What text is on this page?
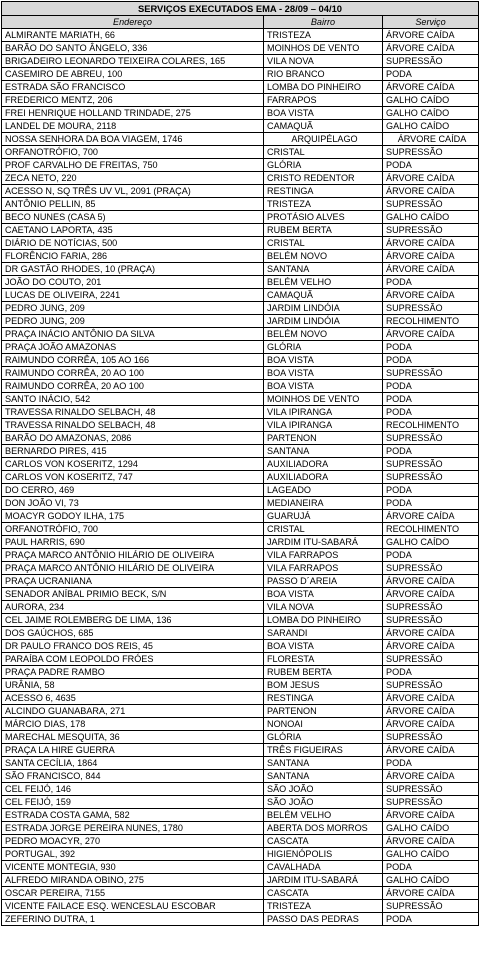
SERVIÇOS EXECUTADOS EMA - 28/09 – 04/10
Endereço	Bairro	Serviço
ALMIRANTE MARIATH, 66	TRISTEZA	ÁRVORE CAÍDA
BARÃO DO SANTO ÂNGELO, 336	MOINHOS DE VENTO	ÁRVORE CAÍDA
BRIGADEIRO LEONARDO TEIXEIRA COLARES, 165	VILA NOVA	SUPRESSÃO
CASEMIRO DE ABREU, 100	RIO BRANCO	PODA
ESTRADA SÃO FRANCISCO	LOMBA DO PINHEIRO	ÁRVORE CAÍDA
FREDERICO MENTZ, 206	FARRAPOS	GALHO CAÍDO
FREI HENRIQUE HOLLAND TRINDADE, 275	BOA VISTA	GALHO CAÍDO
LANDEL DE MOURA, 2118	CAMAQUÃ	GALHO CAÍDO
NOSSA SENHORA DA BOA VIAGEM, 1746	ARQUIPÉLAGO	ÁRVORE CAÍDA
ORFANOTRÓFIO, 700	CRISTAL	SUPRESSÃO
PROF CARVALHO DE FREITAS, 750	GLÓRIA	PODA
ZECA NETO, 220	CRISTO REDENTOR	ÁRVORE CAÍDA
ACESSO N, SQ TRÊS UV VL, 2091 (PRAÇA)	RESTINGA	ÁRVORE CAÍDA
ANTÔNIO PELLIN, 85	TRISTEZA	SUPRESSÃO
BECO NUNES (CASA 5)	PROTÁSIO ALVES	GALHO CAÍDO
CAETANO LAPORTA, 435	RUBEM BERTA	SUPRESSÃO
DIÁRIO DE NOTÍCIAS, 500	CRISTAL	ÁRVORE CAÍDA
FLORÊNCIO FARIA, 286	BELÉM NOVO	ÁRVORE CAÍDA
DR GASTÃO RHODES, 10 (PRAÇA)	SANTANA	ÁRVORE CAÍDA
JOÃO DO COUTO, 201	BELÉM VELHO	PODA
LUCAS DE OLIVEIRA, 2241	CAMAQUÃ	ÁRVORE CAÍDA
PEDRO JUNG, 209	JARDIM LINDÓIA	SUPRESSÃO
PEDRO JUNG, 209	JARDIM LINDÓIA	RECOLHIMENTO
PRAÇA INÁCIO ANTÔNIO DA SILVA	BELÉM NOVO	ÁRVORE CAÍDA
PRAÇA JOÃO AMAZONAS	GLÓRIA	PODA
RAIMUNDO CORRÊA, 105 AO 166	BOA VISTA	PODA
RAIMUNDO CORRÊA, 20 AO 100	BOA VISTA	SUPRESSÃO
RAIMUNDO CORRÊA, 20 AO 100	BOA VISTA	PODA
SANTO INÁCIO, 542	MOINHOS DE VENTO	PODA
TRAVESSA RINALDO SELBACH, 48	VILA IPIRANGA	PODA
TRAVESSA RINALDO SELBACH, 48	VILA IPIRANGA	RECOLHIMENTO
BARÃO DO AMAZONAS, 2086	PARTENON	SUPRESSÃO
BERNARDO PIRES, 415	SANTANA	PODA
CARLOS VON KOSERITZ, 1294	AUXILIADORA	SUPRESSÃO
CARLOS VON KOSERITZ, 747	AUXILIADORA	SUPRESSÃO
DO CERRO, 469	LAGEADO	PODA
DON JOÃO VI, 73	MEDIANEIRA	PODA
MOACYR GODOY ILHA, 175	GUARUJÁ	ÁRVORE CAÍDA
ORFANOTRÓFIO, 700	CRISTAL	RECOLHIMENTO
PAUL HARRIS, 690	JARDIM ITU-SABARÁ	GALHO CAÍDO
PRAÇA MARCO ANTÔNIO HILÁRIO DE OLIVEIRA	VILA FARRAPOS	PODA
PRAÇA MARCO ANTÔNIO HILÁRIO DE OLIVEIRA	VILA FARRAPOS	SUPRESSÃO
PRAÇA UCRANIANA	PASSO D´AREIA	ÁRVORE CAÍDA
SENADOR ANÍBAL PRIMIO BECK, S/N	BOA VISTA	ÁRVORE CAÍDA
AURORA, 234	VILA NOVA	SUPRESSÃO
CEL JAIME ROLEMBERG DE LIMA, 136	LOMBA DO PINHEIRO	SUPRESSÃO
DOS GAÚCHOS, 685	SARANDI	ÁRVORE CAÍDA
DR PAULO FRANCO DOS REIS, 45	BOA VISTA	ÁRVORE CAÍDA
PARAÍBA COM LEOPOLDO FRÓES	FLORESTA	SUPRESSÃO
PRAÇA PADRE RAMBO	RUBEM BERTA	PODA
URÂNIA, 58	BOM JESUS	SUPRESSÃO
ACESSO 6, 4635	RESTINGA	ÁRVORE CAÍDA
ALCINDO GUANABARA, 271	PARTENON	ÁRVORE CAÍDA
MÁRCIO DIAS, 178	NONOAI	ÁRVORE CAÍDA
MARECHAL MESQUITA, 36	GLÓRIA	SUPRESSÃO
PRAÇA LA HIRE GUERRA	TRÊS FIGUEIRAS	ÁRVORE CAÍDA
SANTA CECÍLIA, 1864	SANTANA	PODA
SÃO FRANCISCO, 844	SANTANA	ÁRVORE CAÍDA
CEL FEIJÓ, 146	SÃO JOÃO	SUPRESSÃO
CEL FEIJÓ, 159	SÃO JOÃO	SUPRESSÃO
ESTRADA COSTA GAMA, 582	BELÉM VELHO	ÁRVORE CAÍDA
ESTRADA JORGE PEREIRA NUNES, 1780	ABERTA DOS MORROS	GALHO CAÍDO
PEDRO MOACYR, 270	CASCATA	ÁRVORE CAÍDA
PORTUGAL, 392	HIGIENÓPOLIS	GALHO CAÍDO
VICENTE MONTEGIA, 930	CAVALHADA	PODA
ALFREDO MIRANDA OBINO, 275	JARDIM ITU-SABARÁ	GALHO CAÍDO
OSCAR PEREIRA, 7155	CASCATA	ÁRVORE CAÍDA
VICENTE FAILACE ESQ. WENCESLAU ESCOBAR	TRISTEZA	SUPRESSÃO
ZEFERINO DUTRA, 1	PASSO DAS PEDRAS	PODA
